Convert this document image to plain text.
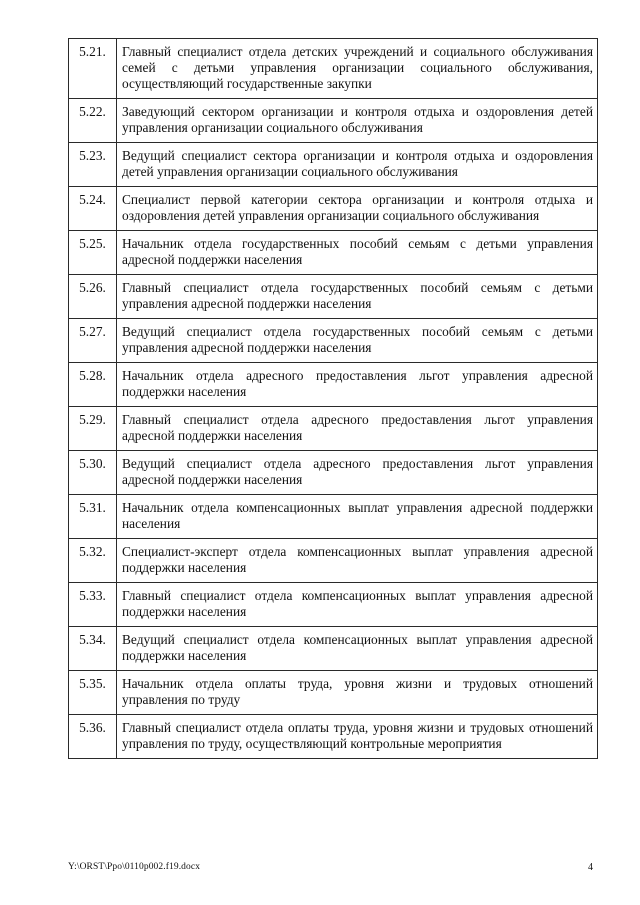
5.21.	Главный специалист отдела детских учреждений и социального обслуживания семей с детьми управления организации социального обслуживания, осуществляющий государственные закупки
5.22.	Заведующий сектором организации и контроля отдыха и оздоровления детей управления организации социального обслуживания
5.23.	Ведущий специалист сектора организации и контроля отдыха и оздоровления детей управления организации социального обслуживания
5.24.	Специалист первой категории сектора организации и контроля отдыха и оздоровления детей управления организации социального обслуживания
5.25.	Начальник отдела государственных пособий семьям с детьми управления адресной поддержки населения
5.26.	Главный специалист отдела государственных пособий семьям с детьми управления адресной поддержки населения
5.27.	Ведущий специалист отдела государственных пособий семьям с детьми управления адресной поддержки населения
5.28.	Начальник отдела адресного предоставления льгот управления адресной поддержки населения
5.29.	Главный специалист отдела адресного предоставления льгот управления адресной поддержки населения
5.30.	Ведущий специалист отдела адресного предоставления льгот управления адресной поддержки населения
5.31.	Начальник отдела компенсационных выплат управления адресной поддержки населения
5.32.	Специалист-эксперт отдела компенсационных выплат управления адресной поддержки населения
5.33.	Главный специалист отдела компенсационных выплат управления адресной поддержки населения
5.34.	Ведущий специалист отдела компенсационных выплат управления адресной поддержки населения
5.35.	Начальник отдела оплаты труда, уровня жизни и трудовых отношений управления по труду
5.36.	Главный специалист отдела оплаты труда, уровня жизни и трудовых отношений управления по труду, осуществляющий контрольные мероприятия
Y:\ORST\Ppo\0110p002.f19.docx	4
